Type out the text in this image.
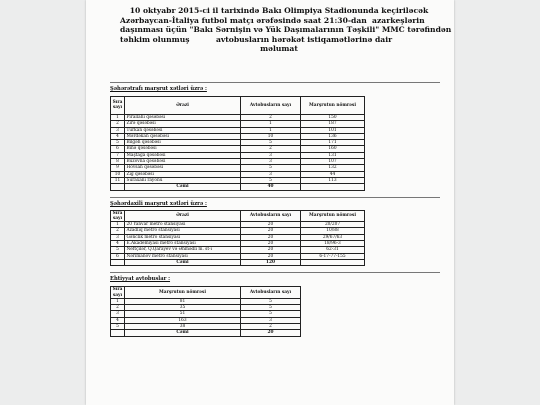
10 oktyabr 2015-ci il tarixində Bakı Olimpiya Stadionunda keçiriləcək
Azərbaycan-İtaliya futbol matçı ərəfəsində saat 21:30-dan  azarkeşlərin
daşınması üçün "Bakı Sərnişin və Yük Daşımalarının Təşkili" MMC tərəfindən
təhkim olunmuş          avtobusların hərəkət istiqamətlərinə dair
məlumat
Şəhərətrafı marşrut xətləri üzrə :
Sıra sayı	Ərazi	Avtobusların sayı	Marşrutun nömrəsi
1	Pirallahı qəsəbəsi	2	150
2	Zirə qəsəbəsi	1	187
3	Türkan qəsəbəsi	1	101
4	Mərdəkan qəsəbəsi	10	136
5	Bilgəh qəsəbəsi	5	171
6	Binə qəsəbəsi	2	160
7	Maştağa qəsəbəsi	3	131
8	Buzovna qəsəbəsi	3	107
9	Hövsan qəsəbəsi	5	132
10	Zığ qəsəbəsi	3	44
11	Suraxanı rayonu	5	113
	Cəmi	40	
Şəhərdaxili marşrut xətləri üzrə :
Sıra sayı	Ərazi	Avtobusların sayı	Marşrutun nömrəsi
1	20 Yanvar metro stansiyası	20	20/207
2	Azadlıq metro stansiyası	20	10/88
3	Gənclik metro stansiyası	20	29/67/63
4	E.Akademiyası metro stansiyası	20	18/96-3
5	Neftçilər, Q.Qarayev və Əhmədli m. st-ı	20	62-31
6	Nərimanov metro stansiyası	20	6-17-77-155
	Cəmi	120	
Ehtiyyat avtobuslar :
Sıra sayı	Marşrutun nömrəsi	Avtobusların sayı
1	81	5
2	35	5
3	51	5
4	163	3
5	38	2
	Cəmi	20
